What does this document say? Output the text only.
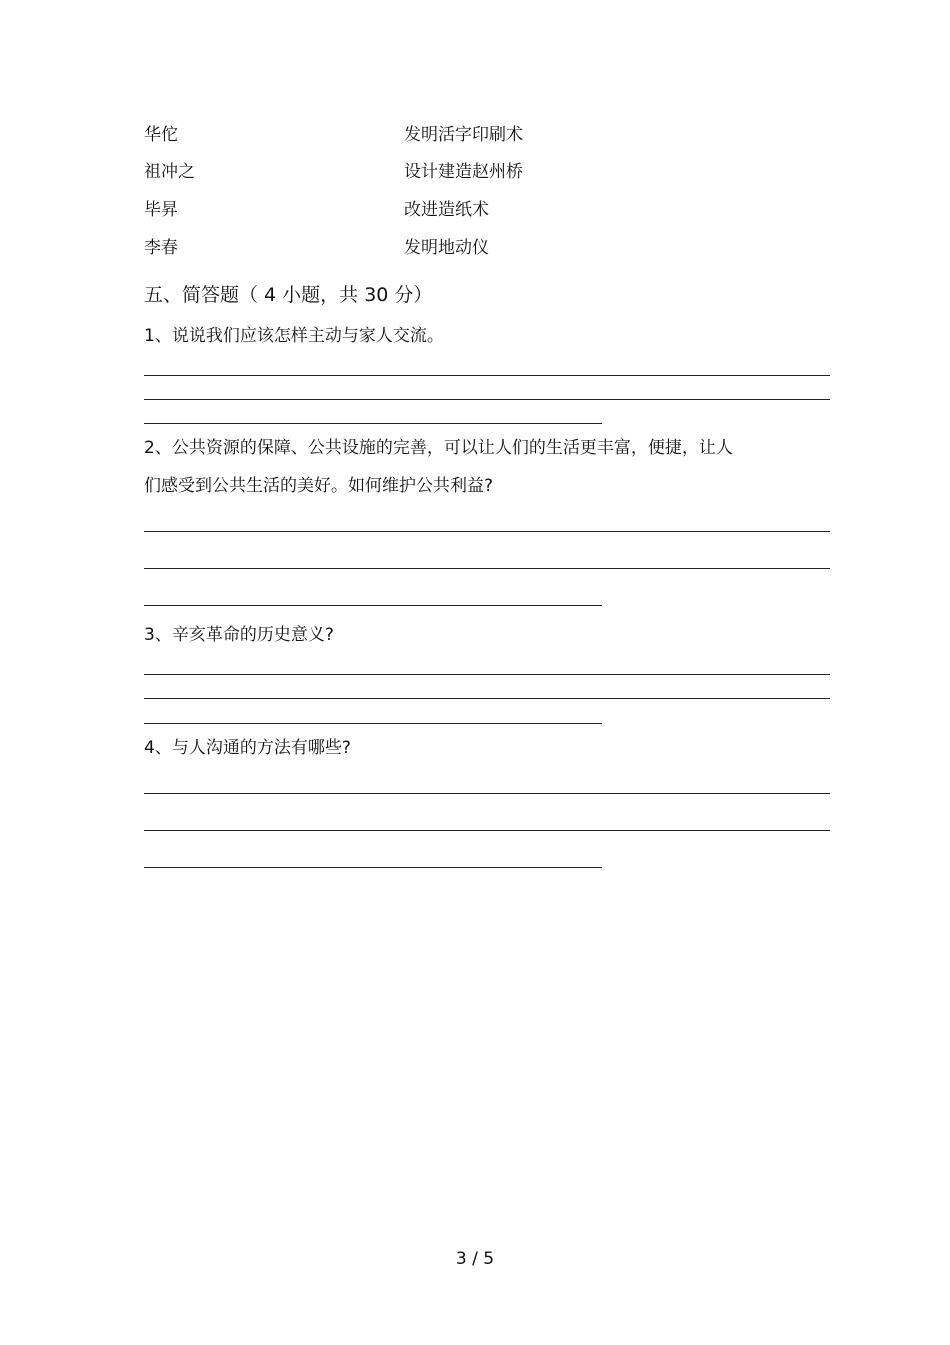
华佗	发明活字印刷术
祖冲之	设计建造赵州桥
毕昇	改进造纸术
李春	发明地动仪
五、简答题（ 4 小题，共 30 分）
1、说说我们应该怎样主动与家人交流。
2、公共资源的保障、公共设施的完善，可以让人们的生活更丰富，便捷，让人
们感受到公共生活的美好。如何维护公共利益?
3、辛亥革命的历史意义?
4、与人沟通的方法有哪些?
3 / 5
